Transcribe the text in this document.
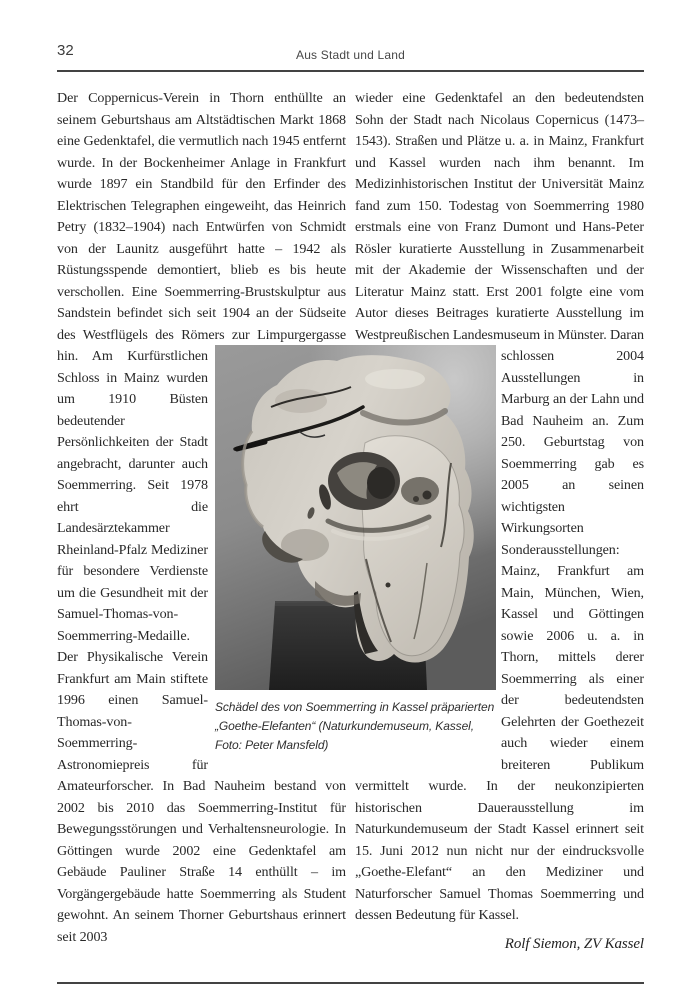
32	Aus Stadt und Land

Der Coppernicus-Verein in Thorn enthüllte an seinem Geburtshaus am Altstädtischen Markt 1868 eine Gedenktafel, die vermutlich nach 1945 entfernt wurde. In der Bockenheimer Anlage in Frankfurt wurde 1897 ein Standbild für den Erfinder des Elektrischen Telegraphen eingeweiht, das Heinrich Petry (1832–1904) nach Entwürfen von Schmidt von der Launitz ausgeführt hatte – 1942 als Rüstungsspende demontiert, blieb es bis heute verschollen. Eine Soemmerring-Brustskulptur aus Sandstein befindet sich seit 1904 an der Südseite des Westflügels des Römers zur Limpurgergasse hin. Am Kurfürstlichen Schloss in Mainz wurden um 1910 Büsten bedeutender Persönlichkeiten der Stadt angebracht, darunter auch Soemmerring. Seit 1978 ehrt die Landesärztekammer Rheinland-Pfalz Mediziner für besondere Verdienste um die Gesundheit mit der Samuel-Thomas-von-Soemmerring-Medaille. Der Physikalische Verein Frankfurt am Main stiftete 1996 einen Samuel-Thomas-von-Soemmerring-Astronomiepreis für Amateurforscher. In Bad Nauheim bestand von 2002 bis 2010 das Soemmerring-Institut für Bewegungsstörungen und Verhaltensneurologie. In Göttingen wurde 2002 eine Gedenktafel am Gebäude Pauliner Straße 14 enthüllt – im Vorgängergebäude hatte Soemmerring als Student gewohnt. An seinem Thorner Geburtshaus erinnert seit 2003

wieder eine Gedenktafel an den bedeutendsten Sohn der Stadt nach Nicolaus Copernicus (1473–1543). Straßen und Plätze u. a. in Mainz, Frankfurt und Kassel wurden nach ihm benannt. Im Medizinhistorischen Institut der Universität Mainz fand zum 150. Todestag von Soemmerring 1980 erstmals eine von Franz Dumont und Hans-Peter Rösler kuratierte Ausstellung in Zusammenarbeit mit der Akademie der Wissenschaften und der Literatur Mainz statt. Erst 2001 folgte eine vom Autor dieses Beitrages kuratierte Ausstellung im Westpreußischen Landesmuseum in Münster. Daran schlossen 2004 Ausstellungen in Marburg an der Lahn und Bad Nauheim an. Zum 250. Geburtstag von Soemmerring gab es 2005 an seinen wichtigsten Wirkungsorten Sonderausstellungen: Mainz, Frankfurt am Main, München, Wien, Kassel und Göttingen sowie 2006 u. a. in Thorn, mittels derer Soemmerring als einer der bedeutendsten Gelehrten der Goethezeit auch wieder einem breiteren Publikum vermittelt wurde. In der neukonzipierten historischen Dauerausstellung im Naturkundemuseum der Stadt Kassel erinnert seit 15. Juni 2012 nun nicht nur der eindrucksvolle „Goethe-Elefant“ an den Mediziner und Naturforscher Samuel Thomas Soemmerring und dessen Bedeutung für Kassel.

Rolf Siemon, ZV Kassel
Schädel des von Soemmerring in Kassel präparierten „Goethe-Elefanten“ (Naturkundemuseum, Kassel, Foto: Peter Mansfeld)
